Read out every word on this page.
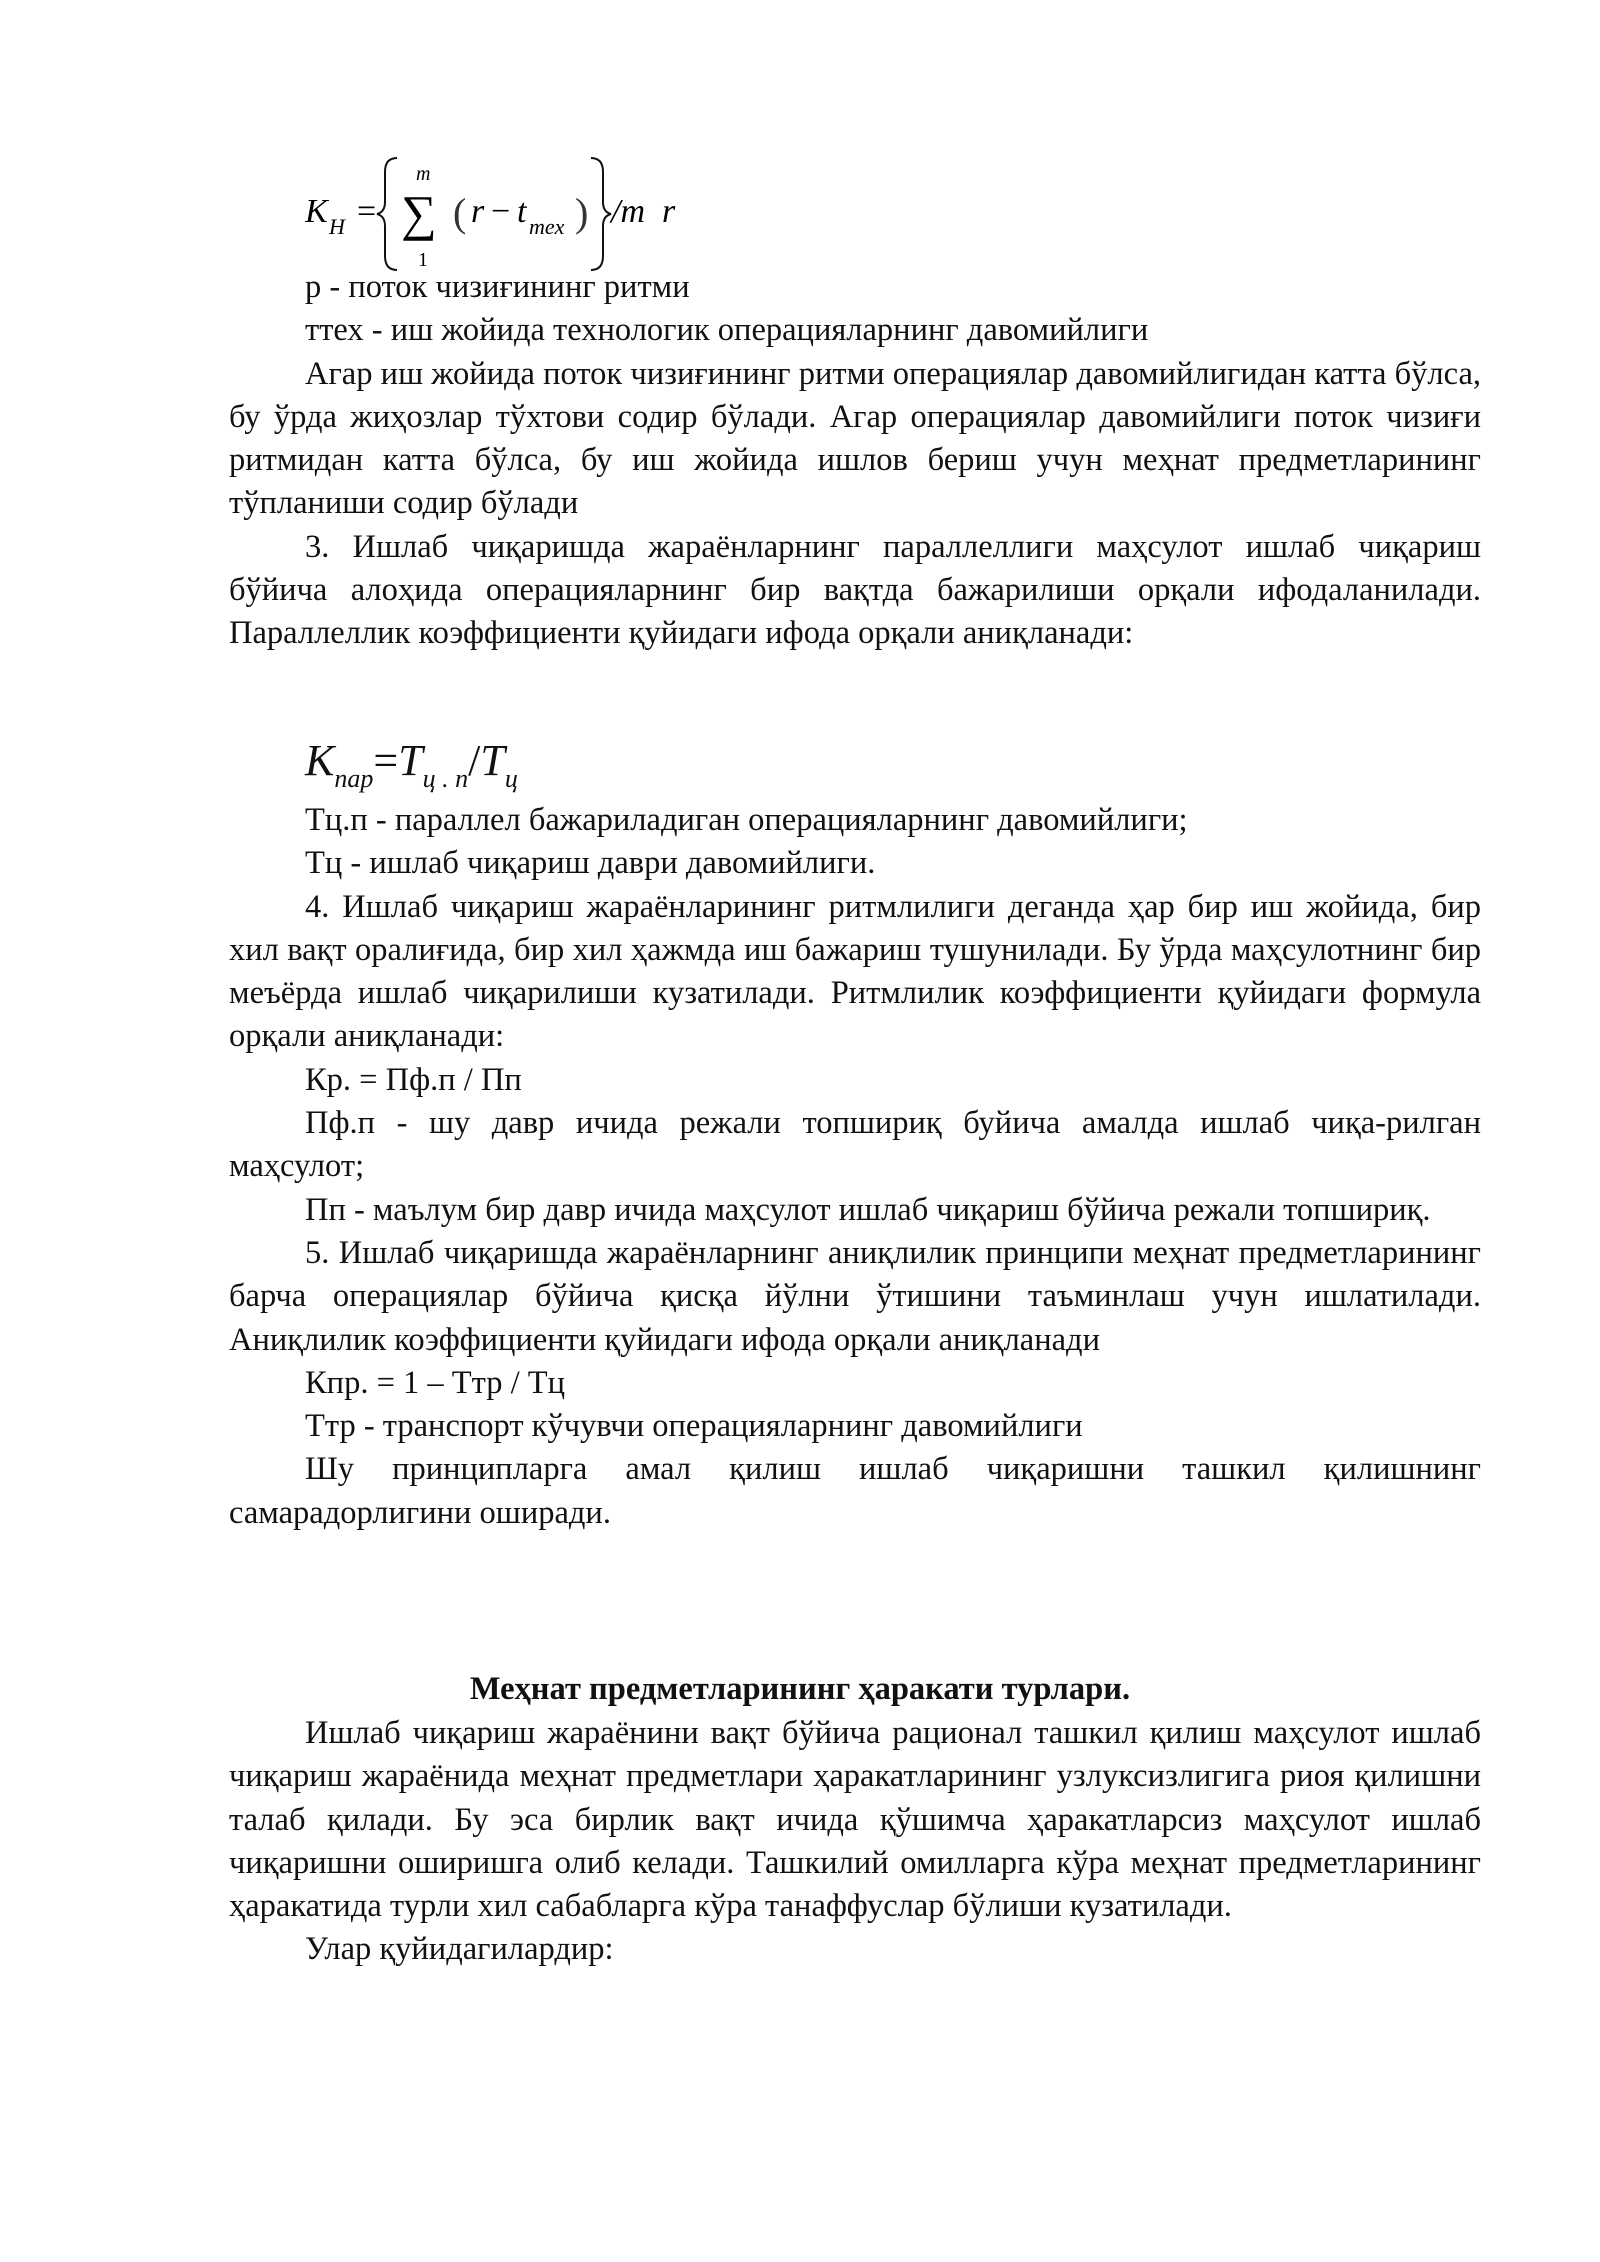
K Н =
m
∑
1
( r − t mex ) /m  r

р - поток чизиғининг ритми

ттех - иш жойида технологик операцияларнинг давомийлиги

Агар иш жойида поток чизиғининг ритми операциялар давомийлигидан катта бўлса, бу ўрда жиҳозлар тўхтови содир бўлади. Агар операциялар давомийлиги поток чизиғи ритмидан катта бўлса, бу иш жойида ишлов бериш учун меҳнат предметларининг тўпланиши содир бўлади

3. Ишлаб чиқаришда жараёнларнинг параллеллиги маҳсулот ишлаб чиқариш бўйича алоҳида операцияларнинг бир вақтда бажарилиши орқали ифодаланилади. Параллеллик коэффициенти қуйидаги ифода орқали аниқланади:

Kпар=Tц . п/Tц

Тц.п - параллел бажариладиган операцияларнинг давомийлиги;

Тц - ишлаб чиқариш даври давомийлиги.

4. Ишлаб чиқариш жараёнларининг ритмлилиги деганда ҳар бир иш жойида, бир хил вақт оралиғида, бир хил ҳажмда иш бажариш тушунилади. Бу ўрда маҳсулотнинг бир меъёрда ишлаб чиқарилиши кузатилади. Ритмлилик коэффициенти қуйидаги формула орқали аниқланади:

Кр. = Пф.п / Пп

Пф.п - шу давр ичида режали топшириқ буйича амалда ишлаб чиқа-рилган маҳсулот;

Пп - маълум бир давр ичида маҳсулот ишлаб чиқариш бўйича режали топшириқ.

5. Ишлаб чиқаришда жараёнларнинг аниқлилик принципи меҳнат предметларининг барча операциялар бўйича қисқа йўлни ўтишини таъминлаш учун ишлатилади. Аниқлилик коэффициенти қуйидаги ифода орқали аниқланади

Кпр. = 1 – Ттр / Тц

Ттр - транспорт кўчувчи операцияларнинг давомийлиги

Шу принципларга амал қилиш ишлаб чиқаришни ташкил қилишнинг самарадорлигини оширади.

Меҳнат предметларининг ҳаракати турлари.

Ишлаб чиқариш жараёнини вақт бўйича рационал ташкил қилиш маҳсулот ишлаб чиқариш жараёнида меҳнат предметлари ҳаракатларининг узлуксизлигига риоя қилишни талаб қилади. Бу эса бирлик вақт ичида қўшимча ҳаракатларсиз маҳсулот ишлаб чиқаришни оширишга олиб келади. Ташкилий омилларга кўра меҳнат предметларининг ҳаракатида турли хил сабабларга кўра танаффуслар бўлиши кузатилади.

Улар қуйидагилардир:
